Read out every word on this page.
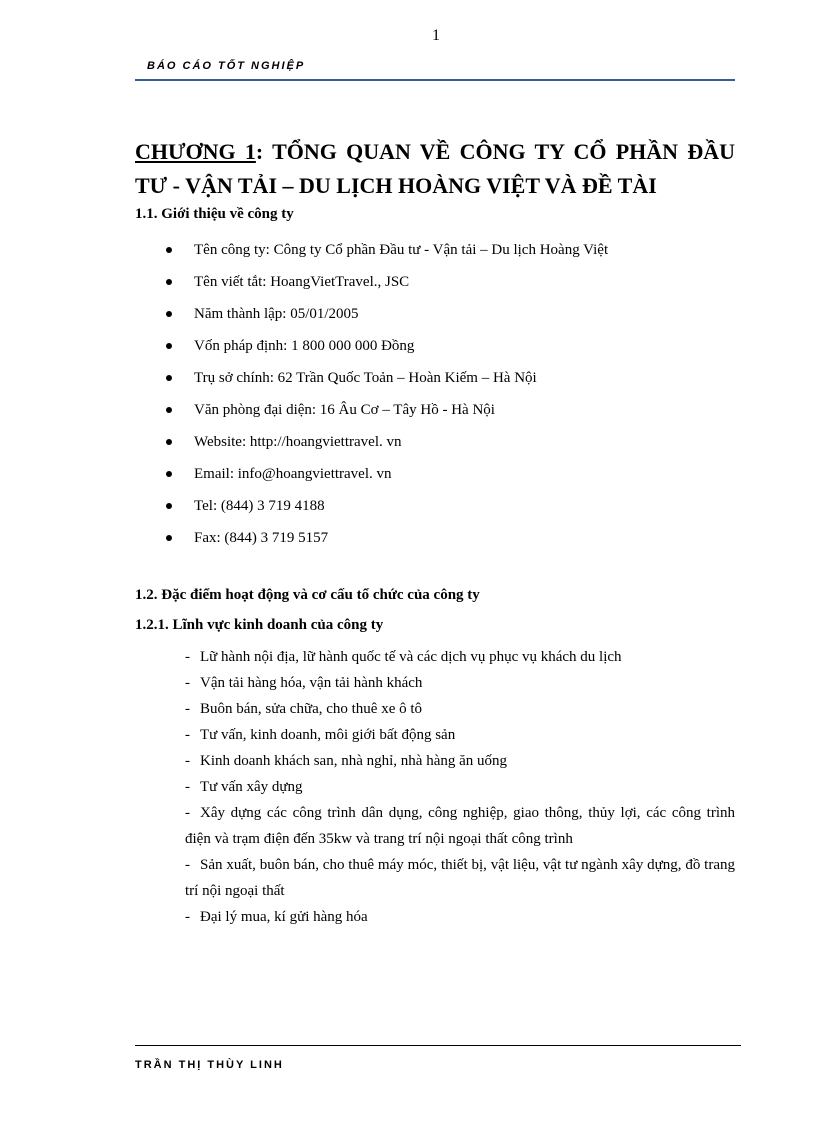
1
BÁO CÁO TỐT NGHIỆP
CHƯƠNG 1: TỔNG QUAN VỀ CÔNG TY CỔ PHẦN ĐẦU TƯ - VẬN TẢI – DU LỊCH HOÀNG VIỆT VÀ ĐỀ TÀI
1.1. Giới thiệu về công ty
Tên công ty: Công ty Cổ phần Đầu tư - Vận tải – Du lịch Hoàng Việt
Tên viết tắt: HoangVietTravel., JSC
Năm thành lập: 05/01/2005
Vốn pháp định: 1 800 000 000 Đồng
Trụ sở chính: 62 Trần Quốc Toản – Hoàn Kiếm – Hà Nội
Văn phòng đại diện: 16 Âu Cơ – Tây Hồ - Hà Nội
Website: http://hoangviettravel. vn
Email: info@hoangviettravel. vn
Tel: (844) 3 719 4188
Fax: (844) 3 719 5157
1.2. Đặc điểm hoạt động và cơ cấu tổ chức của công ty
1.2.1. Lĩnh vực kinh doanh của công ty
- Lữ hành nội địa, lữ hành quốc tế và các dịch vụ phục vụ khách du lịch
- Vận tải hàng hóa, vận tải hành khách
- Buôn bán, sửa chữa, cho thuê xe ô tô
- Tư vấn, kinh doanh, môi giới bất động sản
- Kinh doanh khách san, nhà nghỉ, nhà hàng ăn uống
- Tư vấn xây dựng
- Xây dựng các công trình dân dụng, công nghiệp, giao thông, thủy lợi, các công trình điện và trạm điện đến 35kw và trang trí nội ngoại thất công trình
- Sản xuất, buôn bán, cho thuê máy móc, thiết bị, vật liệu, vật tư ngành xây dựng, đồ trang trí nội ngoại thất
- Đại lý mua, kí gửi hàng hóa
TRẦN THỊ THÙY LINH
